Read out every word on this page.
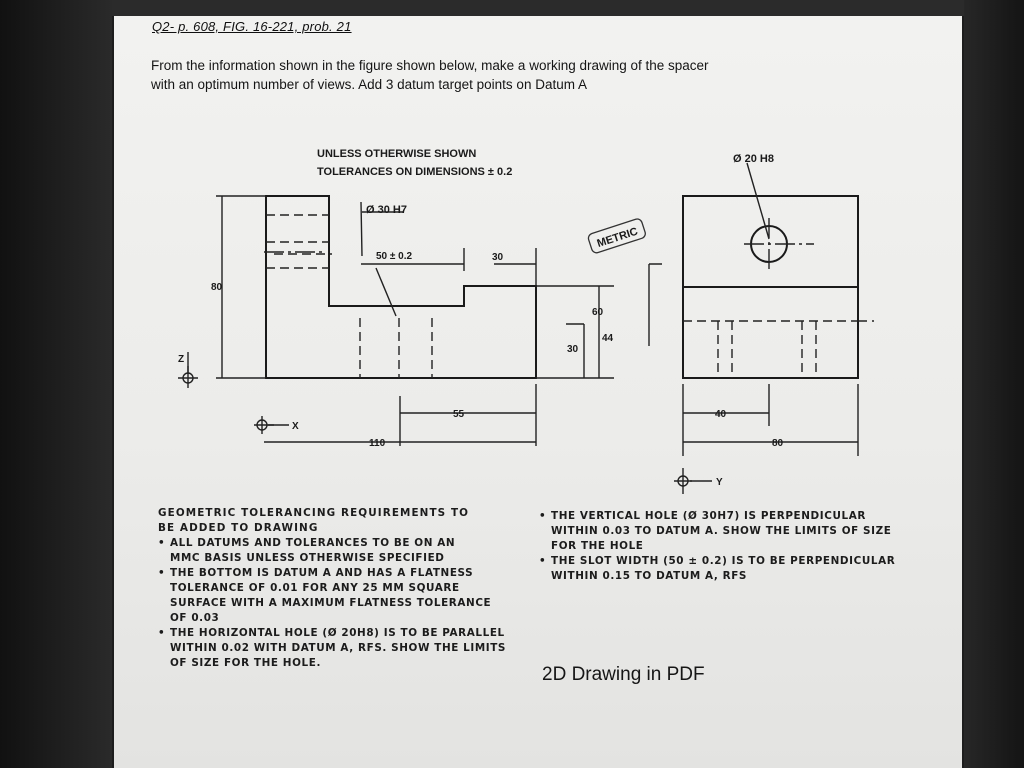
Q2- p. 608, FIG. 16-221, prob. 21
From the information shown in the figure shown below, make a working drawing of the spacer
with an optimum number of views. Add 3 datum target points on Datum A
METRIC
UNLESS OTHERWISE SHOWN
TOLERANCES ON DIMENSIONS ± 0.2
Ø 20 H8
Ø 30 H7
50 ± 0.2	30
80
60
44
30
55
110
40
80
X
Y
Z
GEOMETRIC TOLERANCING REQUIREMENTS TO
BE ADDED TO DRAWING
• ALL DATUMS AND TOLERANCES TO BE ON AN
MMC BASIS UNLESS OTHERWISE SPECIFIED
• THE BOTTOM IS DATUM A AND HAS A FLATNESS
TOLERANCE OF 0.01 FOR ANY 25 MM SQUARE
SURFACE WITH A MAXIMUM FLATNESS TOLERANCE
OF 0.03
• THE HORIZONTAL HOLE (Ø 20H8) IS TO BE PARALLEL
WITHIN 0.02 WITH DATUM A, RFS. SHOW THE LIMITS
OF SIZE FOR THE HOLE.
• THE VERTICAL HOLE (Ø 30H7) IS PERPENDICULAR
WITHIN 0.03 TO DATUM A. SHOW THE LIMITS OF SIZE
FOR THE HOLE
• THE SLOT WIDTH (50 ± 0.2) IS TO BE PERPENDICULAR
WITHIN 0.15 TO DATUM A, RFS
2D Drawing in PDF
